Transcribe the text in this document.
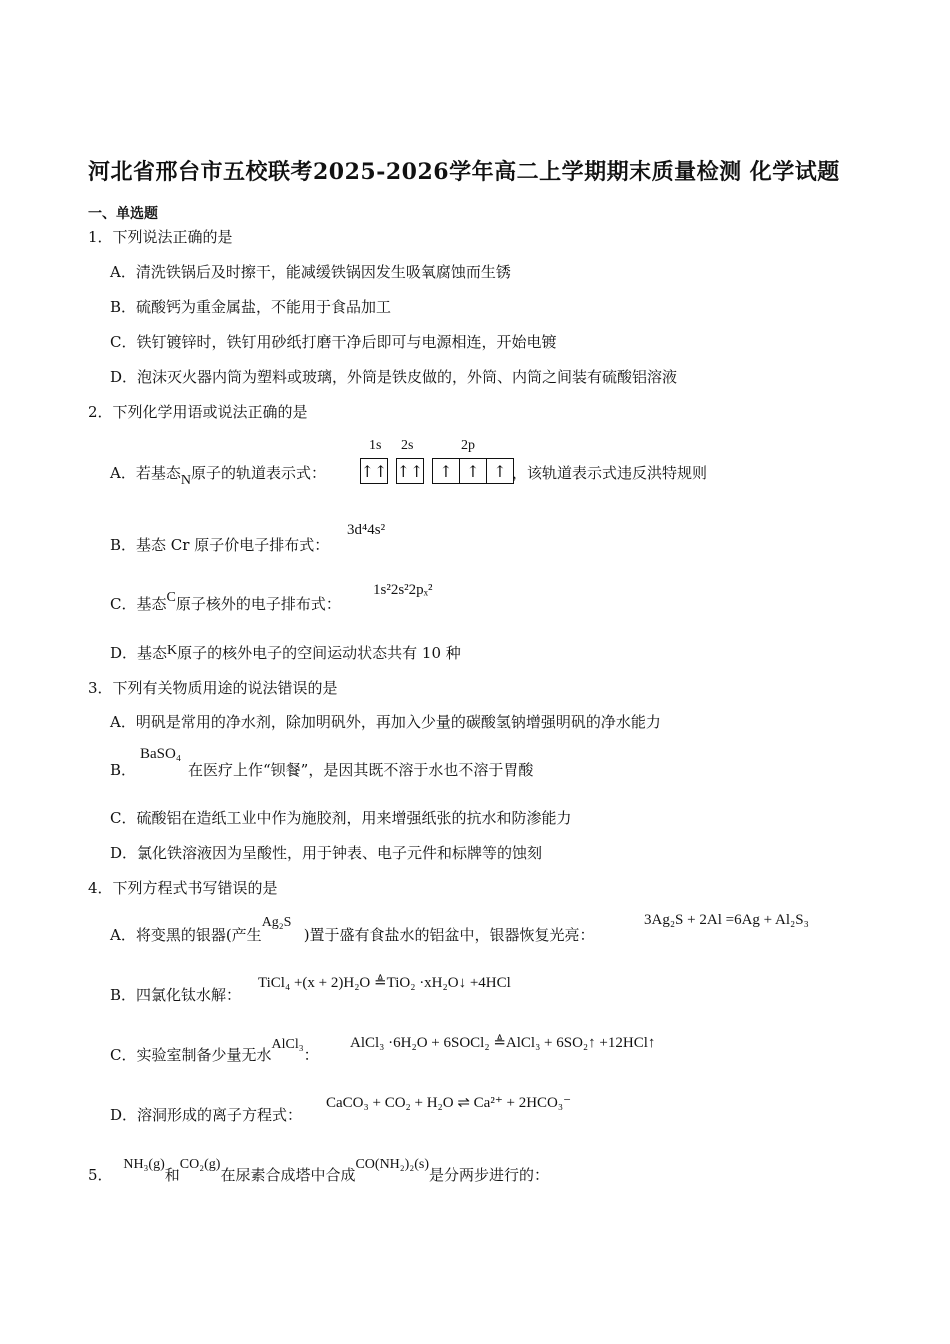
河北省邢台市五校联考2025-2026学年高二上学期期末质量检测 化学试题
一、单选题
1．下列说法正确的是
A．清洗铁锅后及时擦干，能减缓铁锅因发生吸氧腐蚀而生锈
B．硫酸钙为重金属盐，不能用于食品加工
C．铁钉镀锌时，铁钉用砂纸打磨干净后即可与电源相连，开始电镀
D．泡沫灭火器内筒为塑料或玻璃，外筒是铁皮做的，外筒、内筒之间装有硫酸铝溶液
2．下列化学用语或说法正确的是
1s 2s	2p
A．若基态N原子的轨道表示式： ↑↑ ↑↑ ↑ ↑ ↑ ，该轨道表示式违反洪特规则
B．基态 Cr 原子价电子排布式：
3d⁴4s²
C．基态C原子核外的电子排布式：
1s²2s²2pₓ²
D．基态K原子的核外电子的空间运动状态共有 10 种
3．下列有关物质用途的说法错误的是
A．明矾是常用的净水剂，除加明矾外，再加入少量的碳酸氢钠增强明矾的净水能力
B．
BaSO₄
在医疗上作“钡餐”，是因其既不溶于水也不溶于胃酸
C．硫酸铝在造纸工业中作为施胶剂，用来增强纸张的抗水和防渗能力
D．氯化铁溶液因为呈酸性，用于钟表、电子元件和标牌等的蚀刻
4．下列方程式书写错误的是
A．将变黑的银器(产生Ag₂S)置于盛有食盐水的铝盆中，银器恢复光亮：
3Ag₂S + 2Al =6Ag + Al₂S₃
B．四氯化钛水解：
TiCl₄ +(x + 2)H₂O ≜TiO₂ ·xH₂O↓ +4HCl
C．实验室制备少量无水AlCl₃：
AlCl₃ ·6H₂O + 6SOCl₂ ≜AlCl₃ + 6SO₂↑ +12HCl↑
D．溶洞形成的离子方程式：
CaCO₃ + CO₂ + H₂O ⇌ Ca²⁺ + 2HCO₃⁻
5． NH₃(g)和CO₂(g)在尿素合成塔中合成CO(NH₂)₂(s)是分两步进行的：
